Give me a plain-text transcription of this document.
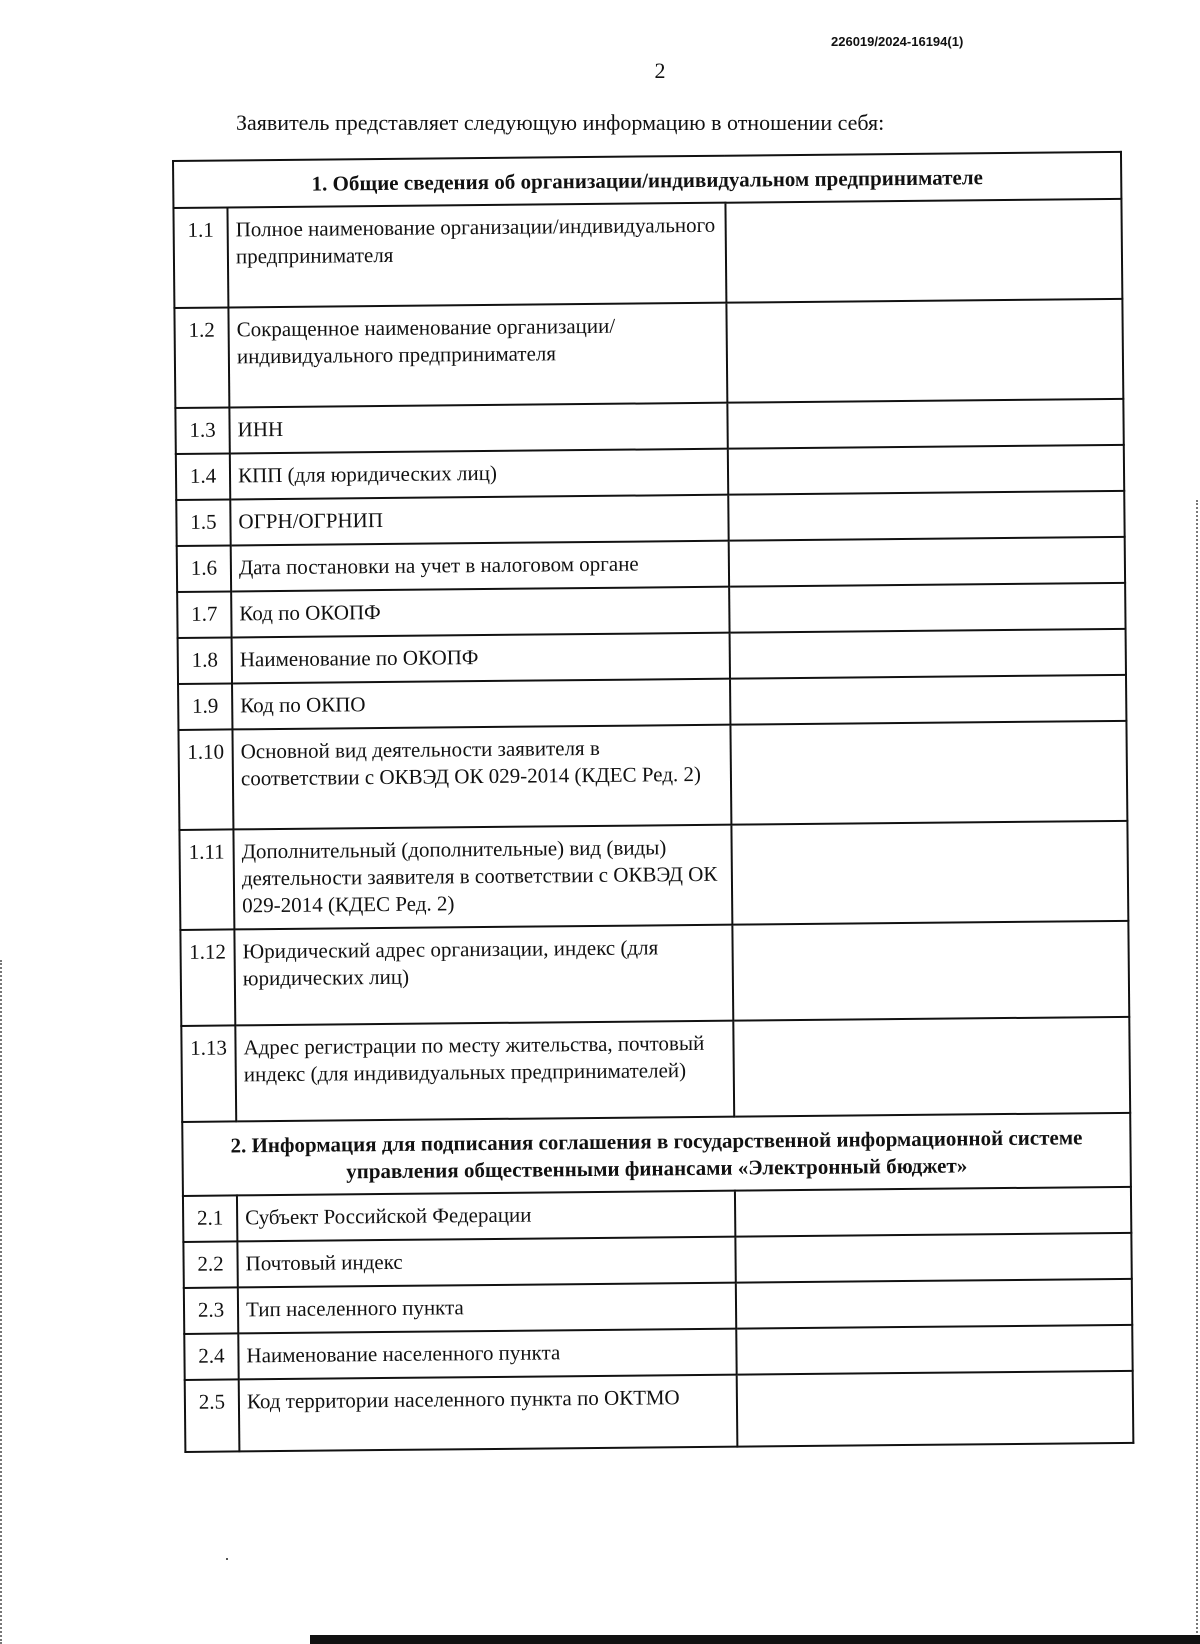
226019/2024-16194(1)
2
Заявитель представляет следующую информацию в отношении себя:
1. Общие сведения об организации/индивидуальном предпринимателе		
1.1	Полное наименование организации/индивидуального предпринимателя	
1.2	Сокращенное наименование организации/индивидуального предпринимателя	
1.3	ИНН	
1.4	КПП (для юридических лиц)	
1.5	ОГРН/ОГРНИП	
1.6	Дата постановки на учет в налоговом органе	
1.7	Код по ОКОПФ	
1.8	Наименование по ОКОПФ	
1.9	Код по ОКПО	
1.10	Основной вид деятельности заявителя в соответствии с ОКВЭД ОК 029-2014 (КДЕС Ред. 2)	
1.11	Дополнительный (дополнительные) вид (виды) деятельности заявителя в соответствии с ОКВЭД ОК 029-2014 (КДЕС Ред. 2)	
1.12	Юридический адрес организации, индекс (для юридических лиц)	
1.13	Адрес регистрации по месту жительства, почтовый индекс (для индивидуальных предпринимателей)	
2. Информация для подписания соглашения в государственной информационной системе управления общественными финансами «Электронный бюджет»		
2.1	Субъект Российской Федерации	
2.2	Почтовый индекс	
2.3	Тип населенного пункта	
2.4	Наименование населенного пункта	
2.5	Код территории населенного пункта по ОКТМО	
